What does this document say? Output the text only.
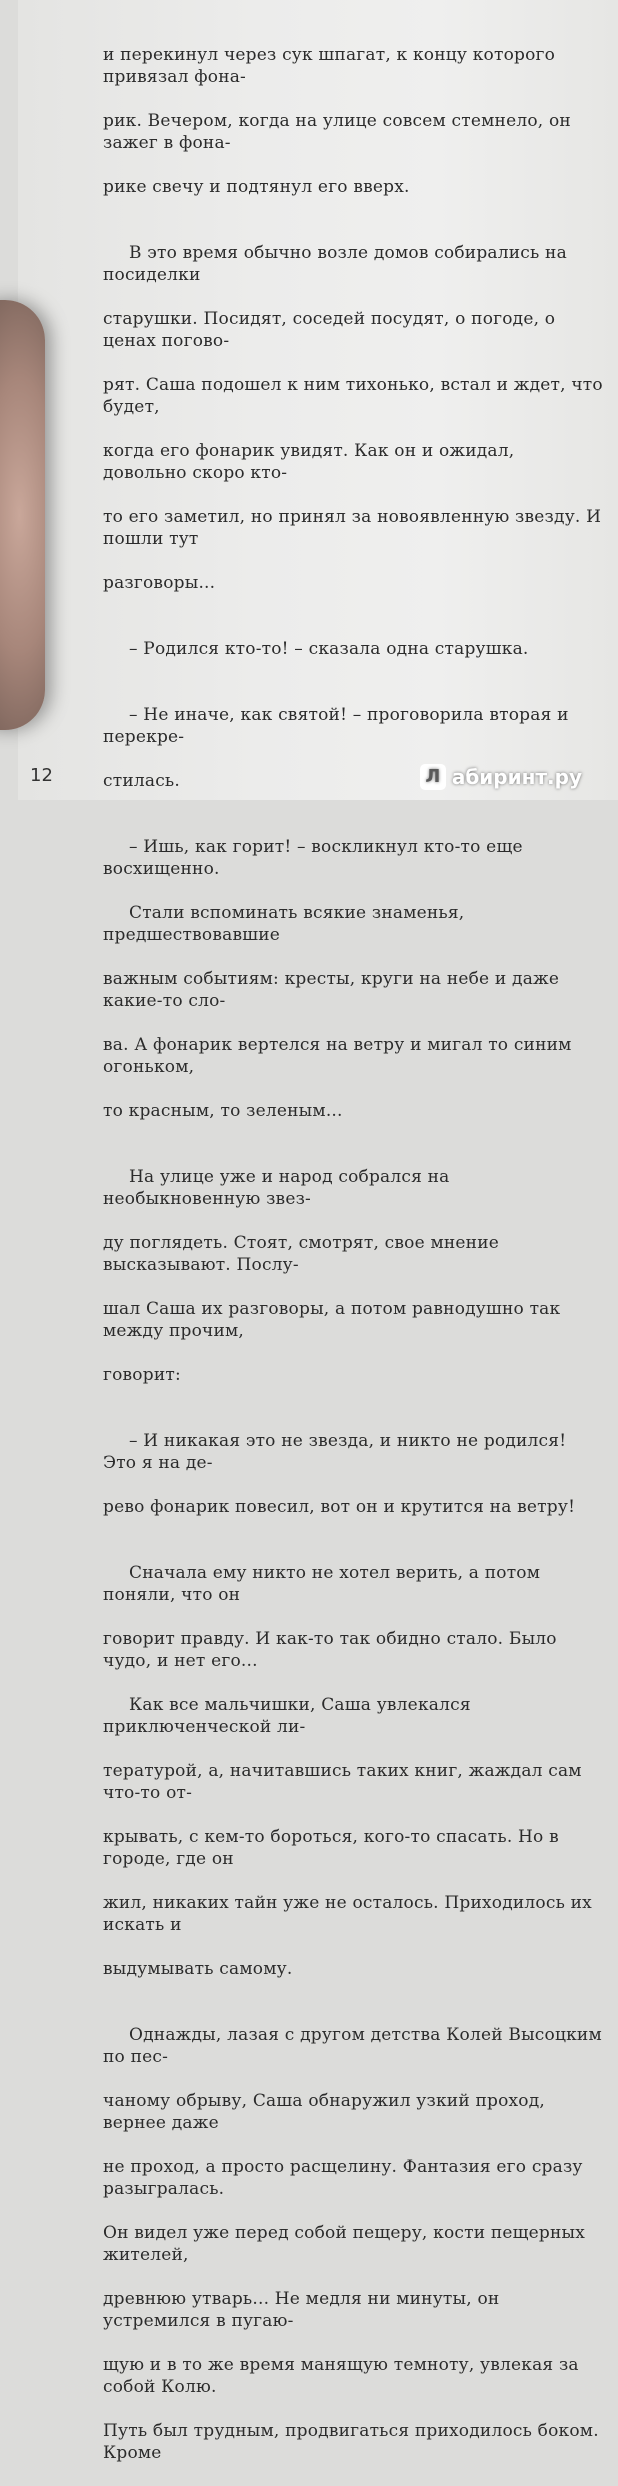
и перекинул через сук шпагат, к концу которого привязал фона-

рик. Вечером, когда на улице совсем стемнело, он зажег в фона-

рике свечу и подтянул его вверх.

В это время обычно возле домов собирались на посиделки

старушки. Посидят, соседей посудят, о погоде, о ценах погово-

рят. Саша подошел к ним тихонько, встал и ждет, что будет,

когда его фонарик увидят. Как он и ожидал, довольно скоро кто-

то его заметил, но принял за новоявленную звезду. И пошли тут

разговоры...

– Родился кто-то! – сказала одна старушка.

– Не иначе, как святой! – проговорила вторая и перекре-

стилась.

– Ишь, как горит! – воскликнул кто-то еще восхищенно.

Стали вспоминать всякие знаменья, предшествовавшие

важным событиям: кресты, круги на небе и даже какие-то сло-

ва. А фонарик вертелся на ветру и мигал то синим огоньком,

то красным, то зеленым...

На улице уже и народ собрался на необыкновенную звез-

ду поглядеть. Стоят, смотрят, свое мнение высказывают. Послу-

шал Саша их разговоры, а потом равнодушно так между прочим,

говорит:

– И никакая это не звезда, и никто не родился! Это я на де-

рево фонарик повесил, вот он и крутится на ветру!

Сначала ему никто не хотел верить, а потом поняли, что он

говорит правду. И как-то так обидно стало. Было чудо, и нет его...

Как все мальчишки, Саша увлекался приключенческой ли-

тературой, а, начитавшись таких книг, жаждал сам что-то от-

крывать, с кем-то бороться, кого-то спасать. Но в городе, где он

жил, никаких тайн уже не осталось. Приходилось их искать и

выдумывать самому.

Однажды, лазая с другом детства Колей Высоцким по пес-

чаному обрыву, Саша обнаружил узкий проход, вернее даже

не проход, а просто расщелину. Фантазия его сразу разыгралась.

Он видел уже перед собой пещеру, кости пещерных жителей,

древнюю утварь... Не медля ни минуты, он устремился в пугаю-

щую и в то же время манящую темноту, увлекая за собой Колю.

Путь был трудным, продвигаться приходилось боком. Кроме

12	Л абиринт.ру
